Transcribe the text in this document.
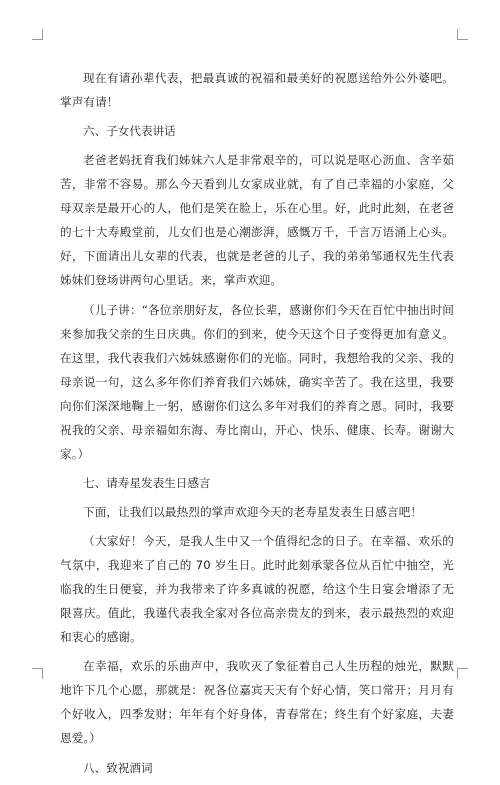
现在有请孙辈代表，把最真诚的祝福和最美好的祝愿送给外公外婆吧。掌声有请！

六、子女代表讲话

老爸老妈抚育我们姊妹六人是非常艰辛的，可以说是呕心沥血、含辛茹苦，非常不容易。那么今天看到儿女家成业就，有了自己幸福的小家庭，父母双亲是最开心的人，他们是笑在脸上，乐在心里。好，此时此刻，在老爸的七十大寿殿堂前，儿女们也是心潮澎湃，感慨万千，千言万语涌上心头。好，下面请出儿女辈的代表，也就是老爸的儿子、我的弟弟邹通权先生代表姊妹们登场讲两句心里话。来，掌声欢迎。

（儿子讲：“各位亲朋好友，各位长辈，感谢你们今天在百忙中抽出时间来参加我父亲的生日庆典。你们的到来，使今天这个日子变得更加有意义。在这里，我代表我们六姊妹感谢你们的光临。同时，我想给我的父亲、我的母亲说一句，这么多年你们养育我们六姊妹，确实辛苦了。我在这里，我要向你们深深地鞠上一躬，感谢你们这么多年对我们的养育之恩。同时，我要祝我的父亲、母亲福如东海、寿比南山，开心、快乐、健康、长寿。谢谢大家。）

七、请寿星发表生日感言

下面，让我们以最热烈的掌声欢迎今天的老寿星发表生日感言吧！

（大家好！今天，是我人生中又一个值得纪念的日子。在幸福、欢乐的气氛中，我迎来了自己的 70 岁生日。此时此刻承蒙各位从百忙中抽空，光临我的生日便宴，并为我带来了许多真诚的祝愿，给这个生日宴会增添了无限喜庆。值此，我谨代表我全家对各位高亲贵友的到来，表示最热烈的欢迎和衷心的感谢。

在幸福，欢乐的乐曲声中，我吹灭了象征着自己人生历程的烛光，默默地许下几个心愿，那就是：祝各位嘉宾天天有个好心情，笑口常开；月月有个好收入，四季发财；年年有个好身体，青春常在；终生有个好家庭，夫妻恩爱。）

八、致祝酒词
